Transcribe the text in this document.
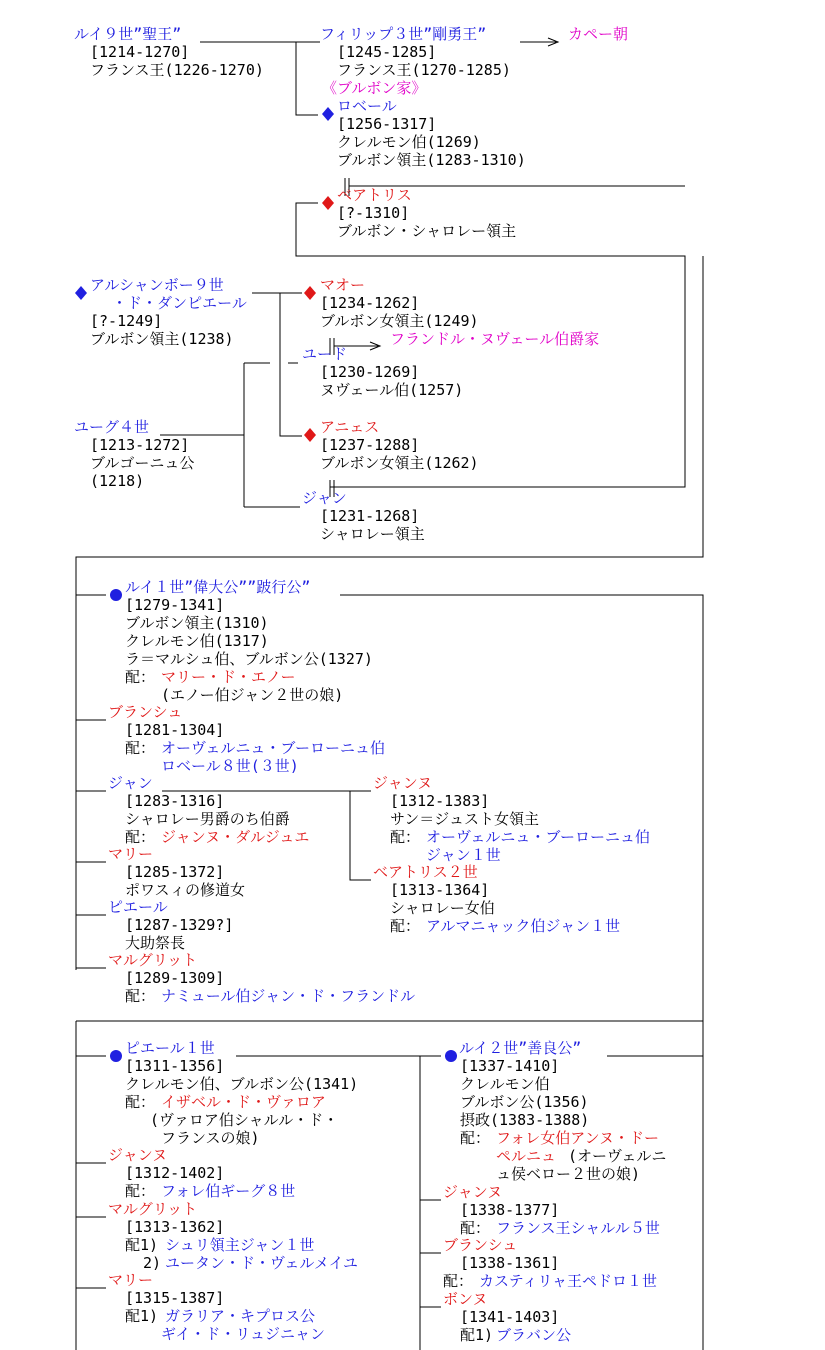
ルイ９世”聖王”
[1214-1270]
フランス王(1226-1270)
フィリップ３世”剛勇王”	カペー朝
[1245-1285]
フランス王(1270-1285)
《ブルボン家》
ロベール
[1256-1317]
クレルモン伯(1269)
ブルボン領主(1283-1310)
ベアトリス
[?-1310]
ブルボン・シャロレー領主
アルシャンボー９世
・ド・ダンピエール
[?-1249]
ブルボン領主(1238)
マオー
[1234-1262]
ブルボン女領主(1249)
フランドル・ヌヴェール伯爵家
ユード
[1230-1269]
ヌヴェール伯(1257)
ユーグ４世
[1213-1272]
ブルゴーニュ公
(1218)
アニェス
[1237-1288]
ブルボン女領主(1262)
ジャン
[1231-1268]
シャロレー領主
ルイ１世”偉大公””跛行公”
[1279-1341]
ブルボン領主(1310)
クレルモン伯(1317)
ラ＝マルシュ伯、ブルボン公(1327)
配： マリー・ド・エノー
(エノー伯ジャン２世の娘)
ブランシュ
[1281-1304]
配： オーヴェルニュ・ブーローニュ伯
ロベール８世(３世)
ジャン
[1283-1316]
シャロレー男爵のち伯爵
配： ジャンヌ・ダルジュエ
ジャンヌ
[1312-1383]
サン＝ジュスト女領主
配： オーヴェルニュ・ブーローニュ伯
ジャン１世
マリー
[1285-1372]
ポワスィの修道女
ベアトリス２世
[1313-1364]
シャロレー女伯
配： アルマニャック伯ジャン１世
ピエール
[1287-1329?]
大助祭長
マルグリット
[1289-1309]
配： ナミュール伯ジャン・ド・フランドル
ピエール１世
[1311-1356]
クレルモン伯、ブルボン公(1341)
配： イザベル・ド・ヴァロア
(ヴァロア伯シャルル・ド・
フランスの娘)
ジャンヌ
[1312-1402]
配： フォレ伯ギーグ８世
マルグリット
[1313-1362]
配1) シュリ領主ジャン１世
2) ユータン・ド・ヴェルメイユ
マリー
[1315-1387]
配1) ガラリア・キプロス公
ギイ・ド・リュジニャン
ルイ２世”善良公”
[1337-1410]
クレルモン伯
ブルボン公(1356)
摂政(1383-1388)
配： フォレ女伯アンヌ・ドー
ペルニュ (オーヴェルニ
ュ侯ベロー２世の娘)
ジャンヌ
[1338-1377]
配： フランス王シャルル５世
ブランシュ
[1338-1361]
配： カスティリャ王ペドロ１世
ボンヌ
[1341-1403]
配1) ブラバン公
